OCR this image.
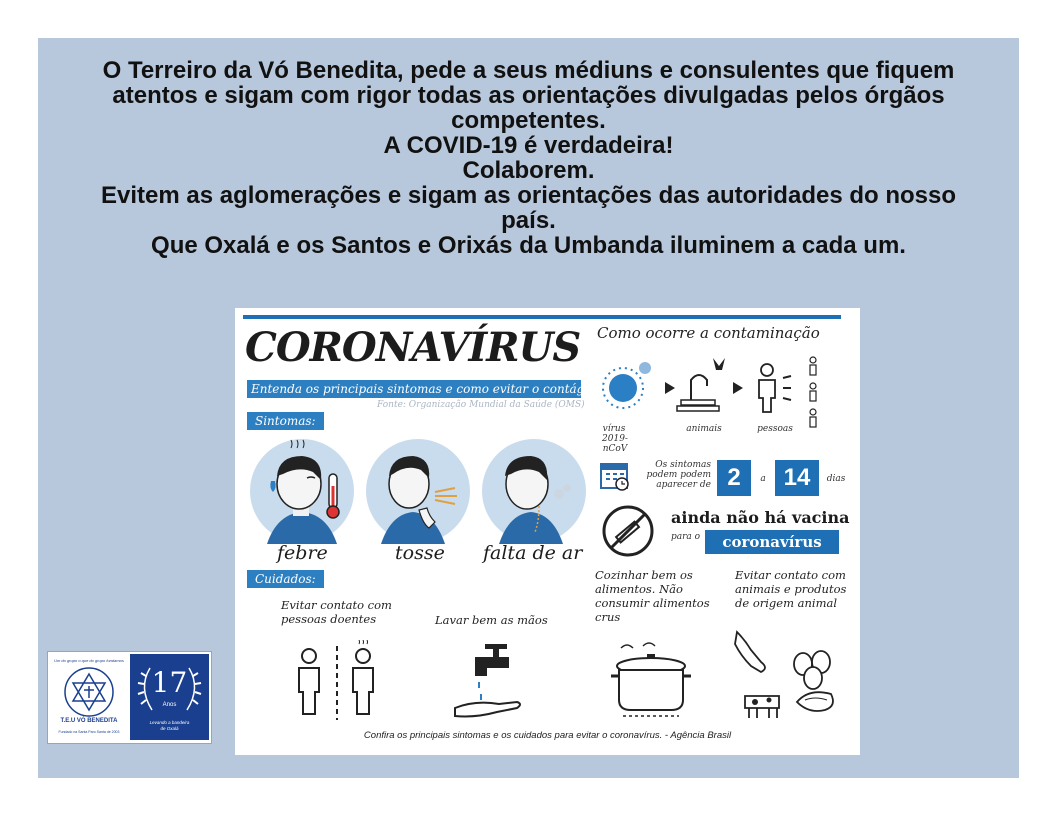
O Terreiro da Vó Benedita, pede a seus médiuns e consulentes que fiquem
atentos e sigam com rigor todas as orientações divulgadas pelos órgãos
competentes.
A COVID-19 é verdadeira!
Colaborem.
Evitem as aglomerações e sigam as orientações das autoridades do nosso
país.
Que Oxalá e os Santos e Orixás da Umbanda iluminem a cada um.
CORONAVÍRUS
Entenda os principais sintomas e como evitar o contágio
Fonte: Organização Mundial da Saúde (OMS)
Sintomas:
febre	tosse falta de ar
Como ocorre a contaminação
vírus
2019-nCoV
animais	pessoas
Os sintomas podem podem aparecer de 2	a 14	dias
ainda não há vacina
para o	coronavírus
Cuidados:
Evitar contato com pessoas doentes	Lavar bem as mãos
Cozinhar bem os alimentos. Não consumir alimentos crus
Evitar contato com animais e produtos de origem animal
Confira os principais sintomas e os cuidados para evitar o coronavírus. - Agência Brasil
Um do grupo o que do grupo fundamos
T.E.U VÓ BENEDITA
Fundado na Santa Paro Santa de 2003
17
Anos
Levando a bandeira de Oxalá
